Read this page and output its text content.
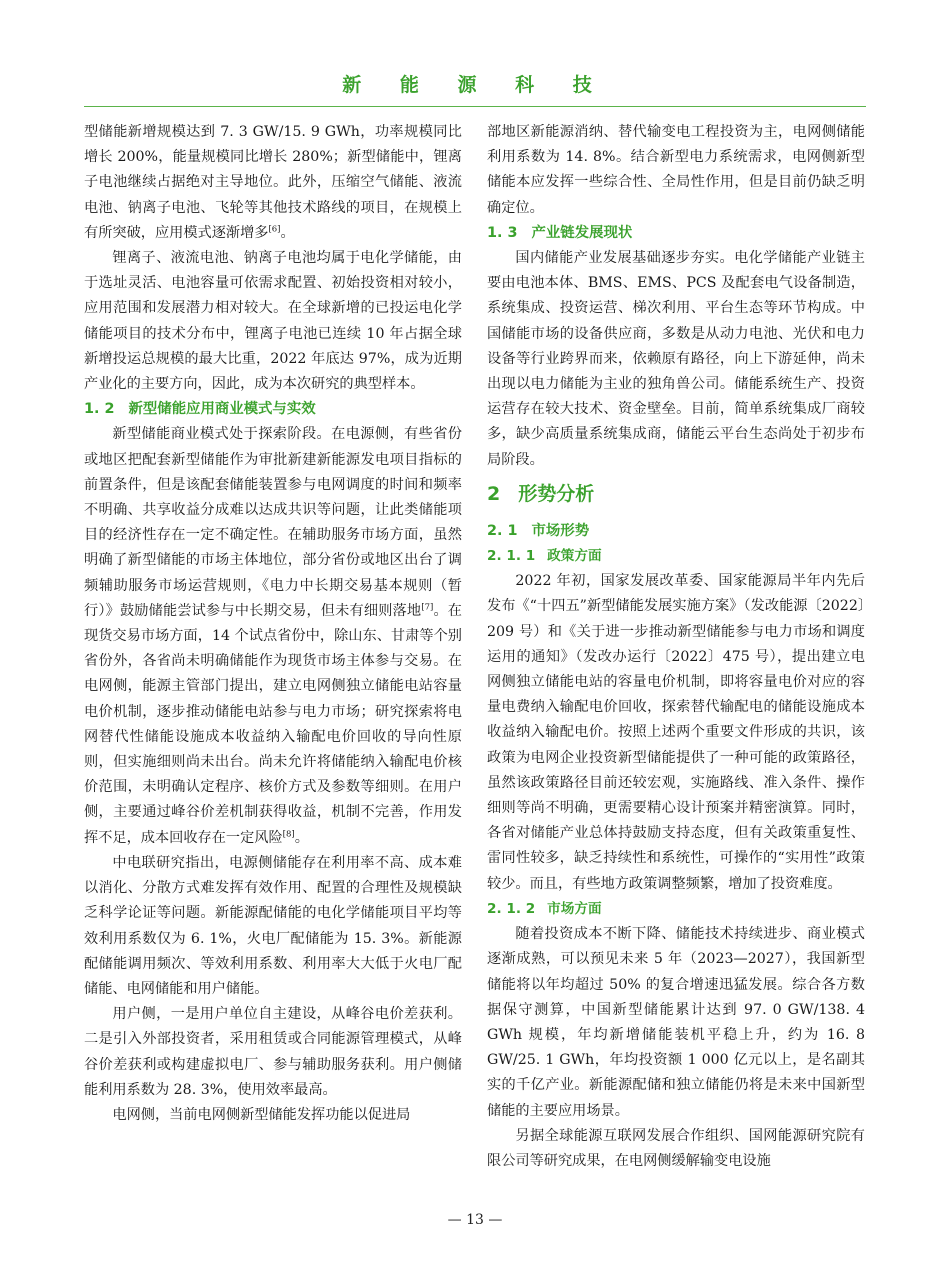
新 能 源 科 技

型储能新增规模达到 7. 3 GW/15. 9 GWh，功率规模同比增长 200%，能量规模同比增长 280%；新型储能中，锂离子电池继续占据绝对主导地位。此外，压缩空气储能、液流电池、钠离子电池、飞轮等其他技术路线的项目，在规模上有所突破，应用模式逐渐增多[6]。

锂离子、液流电池、钠离子电池均属于电化学储能，由于选址灵活、电池容量可依需求配置、初始投资相对较小，应用范围和发展潜力相对较大。在全球新增的已投运电化学储能项目的技术分布中，锂离子电池已连续 10 年占据全球新增投运总规模的最大比重，2022 年底达 97%，成为近期产业化的主要方向，因此，成为本次研究的典型样本。

1. 2 新型储能应用商业模式与实效

新型储能商业模式处于探索阶段。在电源侧，有些省份或地区把配套新型储能作为审批新建新能源发电项目指标的前置条件，但是该配套储能装置参与电网调度的时间和频率不明确、共享收益分成难以达成共识等问题，让此类储能项目的经济性存在一定不确定性。在辅助服务市场方面，虽然明确了新型储能的市场主体地位，部分省份或地区出台了调频辅助服务市场运营规则，《电力中长期交易基本规则（暂行）》鼓励储能尝试参与中长期交易，但未有细则落地[7]。在现货交易市场方面，14 个试点省份中，除山东、甘肃等个别省份外，各省尚未明确储能作为现货市场主体参与交易。在电网侧，能源主管部门提出，建立电网侧独立储能电站容量电价机制，逐步推动储能电站参与电力市场；研究探索将电网替代性储能设施成本收益纳入输配电价回收的导向性原则，但实施细则尚未出台。尚未允许将储能纳入输配电价核价范围，未明确认定程序、核价方式及参数等细则。在用户侧，主要通过峰谷价差机制获得收益，机制不完善，作用发挥不足，成本回收存在一定风险[8]。

中电联研究指出，电源侧储能存在利用率不高、成本难以消化、分散方式难发挥有效作用、配置的合理性及规模缺乏科学论证等问题。新能源配储能的电化学储能项目平均等效利用系数仅为 6. 1%，火电厂配储能为 15. 3%。新能源配储能调用频次、等效利用系数、利用率大大低于火电厂配储能、电网储能和用户储能。

用户侧，一是用户单位自主建设，从峰谷电价差获利。二是引入外部投资者，采用租赁或合同能源管理模式，从峰谷价差获利或构建虚拟电厂、参与辅助服务获利。用户侧储能利用系数为 28. 3%，使用效率最高。

电网侧，当前电网侧新型储能发挥功能以促进局

部地区新能源消纳、替代输变电工程投资为主，电网侧储能利用系数为 14. 8%。结合新型电力系统需求，电网侧新型储能本应发挥一些综合性、全局性作用，但是目前仍缺乏明确定位。

1. 3 产业链发展现状

国内储能产业发展基础逐步夯实。电化学储能产业链主要由电池本体、BMS、EMS、PCS 及配套电气设备制造，系统集成、投资运营、梯次利用、平台生态等环节构成。中国储能市场的设备供应商，多数是从动力电池、光伏和电力设备等行业跨界而来，依赖原有路径，向上下游延伸，尚未出现以电力储能为主业的独角兽公司。储能系统生产、投资运营存在较大技术、资金壁垒。目前，简单系统集成厂商较多，缺少高质量系统集成商，储能云平台生态尚处于初步布局阶段。

2 形势分析
2. 1 市场形势
2. 1. 1 政策方面

2022 年初，国家发展改革委、国家能源局半年内先后发布《“十四五”新型储能发展实施方案》（发改能源〔2022〕209 号）和《关于进一步推动新型储能参与电力市场和调度运用的通知》（发改办运行〔2022〕475 号），提出建立电网侧独立储能电站的容量电价机制，即将容量电价对应的容量电费纳入输配电价回收，探索替代输配电的储能设施成本收益纳入输配电价。按照上述两个重要文件形成的共识，该政策为电网企业投资新型储能提供了一种可能的政策路径，虽然该政策路径目前还较宏观，实施路线、准入条件、操作细则等尚不明确，更需要精心设计预案并精密演算。同时，各省对储能产业总体持鼓励支持态度，但有关政策重复性、雷同性较多，缺乏持续性和系统性，可操作的“实用性”政策较少。而且，有些地方政策调整频繁，增加了投资难度。

2. 1. 2 市场方面

随着投资成本不断下降、储能技术持续进步、商业模式逐渐成熟，可以预见未来 5 年（2023—2027），我国新型储能将以年均超过 50% 的复合增速迅猛发展。综合各方数据保守测算，中国新型储能累计达到 97. 0 GW/138. 4 GWh 规模，年均新增储能装机平稳上升，约为 16. 8 GW/25. 1 GWh，年均投资额 1 000 亿元以上，是名副其实的千亿产业。新能源配储和独立储能仍将是未来中国新型储能的主要应用场景。

另据全球能源互联网发展合作组织、国网能源研究院有限公司等研究成果，在电网侧缓解输变电设施

— 13 —
